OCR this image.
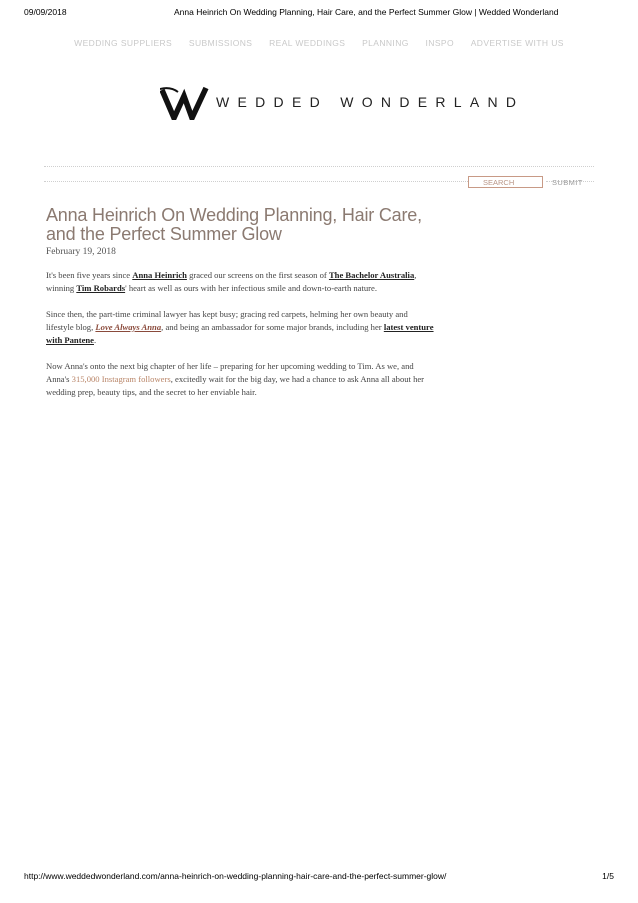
09/09/2018	Anna Heinrich On Wedding Planning, Hair Care, and the Perfect Summer Glow | Wedded Wonderland
WEDDING SUPPLIERS SUBMISSIONS REAL WEDDINGS PLANNING INSPO ADVERTISE WITH US
WEDDED WONDERLAND
SEARCH
SUBMIT
Anna Heinrich On Wedding Planning, Hair Care, and the Perfect Summer Glow
February 19, 2018

It's been five years since Anna Heinrich graced our screens on the first season of The Bachelor Australia, winning Tim Robards' heart as well as ours with her infectious smile and down-to-earth nature.

Since then, the part-time criminal lawyer has kept busy; gracing red carpets, helming her own beauty and lifestyle blog, Love Always Anna, and being an ambassador for some major brands, including her latest venture with Pantene.

Now Anna's onto the next big chapter of her life – preparing for her upcoming wedding to Tim. As we, and Anna's 315,000 Instagram followers, excitedly wait for the big day, we had a chance to ask Anna all about her wedding prep, beauty tips, and the secret to her enviable hair.

http://www.weddedwonderland.com/anna-heinrich-on-wedding-planning-hair-care-and-the-perfect-summer-glow/	1/5
